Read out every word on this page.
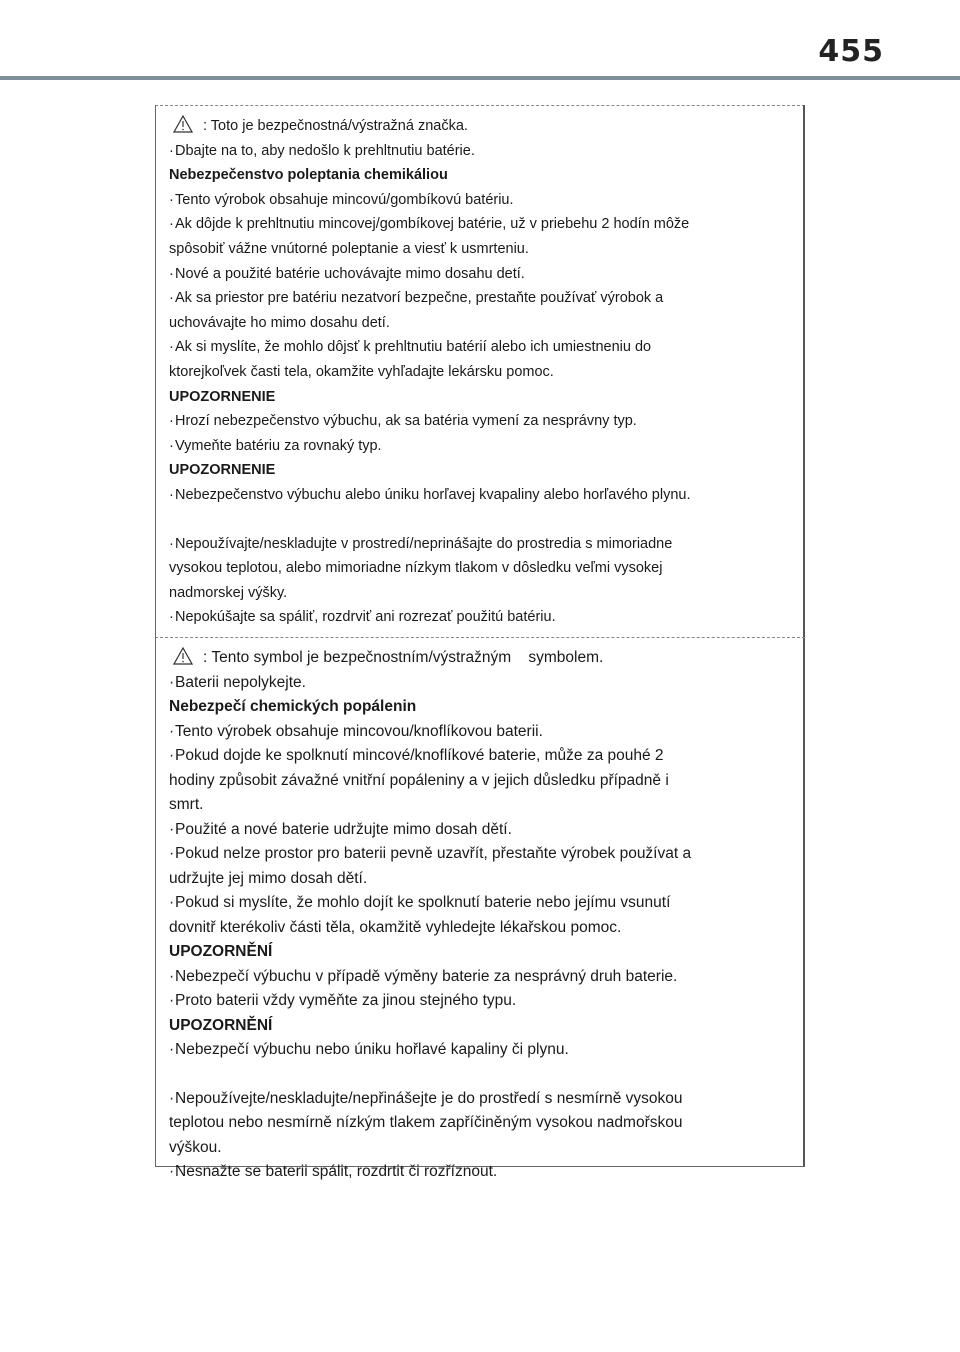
455
: Toto je bezpečnostná/výstražná značka.
·Dbajte na to, aby nedošlo k prehltnutiu batérie.
Nebezpečenstvo poleptania chemikáliou
·Tento výrobok obsahuje mincovú/gombíkovú batériu.
·Ak dôjde k prehltnutiu mincovej/gombíkovej batérie, už v priebehu 2 hodín môže
spôsobiť vážne vnútorné poleptanie a viesť k usmrteniu.
·Nové a použité batérie uchovávajte mimo dosahu detí.
·Ak sa priestor pre batériu nezatvorí bezpečne, prestaňte používať výrobok a
uchovávajte ho mimo dosahu detí.
·Ak si myslíte, že mohlo dôjsť k prehltnutiu batérií alebo ich umiestneniu do
ktorejkoľvek časti tela, okamžite vyhľadajte lekársku pomoc.
UPOZORNENIE
·Hrozí nebezpečenstvo výbuchu, ak sa batéria vymení za nesprávny typ.
·Vymeňte batériu za rovnaký typ.
UPOZORNENIE
·Nebezpečenstvo výbuchu alebo úniku horľavej kvapaliny alebo horľavého plynu.
·Nepoužívajte/neskladujte v prostredí/neprinášajte do prostredia s mimoriadne
vysokou teplotou, alebo mimoriadne nízkym tlakom v dôsledku veľmi vysokej
nadmorskej výšky.
·Nepokúšajte sa spáliť, rozdrviť ani rozrezať použitú batériu.
: Tento symbol je bezpečnostním/výstražným    symbolem.
·Baterii nepolykejte.
Nebezpečí chemických popálenin
·Tento výrobek obsahuje mincovou/knoflíkovou baterii.
·Pokud dojde ke spolknutí mincové/knoflíkové baterie, může za pouhé 2
hodiny způsobit závažné vnitřní popáleniny a v jejich důsledku případně i
smrt.
·Použité a nové baterie udržujte mimo dosah dětí.
·Pokud nelze prostor pro baterii pevně uzavřít, přestaňte výrobek používat a
udržujte jej mimo dosah dětí.
·Pokud si myslíte, že mohlo dojít ke spolknutí baterie nebo jejímu vsunutí
dovnitř kterékoliv části těla, okamžitě vyhledejte lékařskou pomoc.
UPOZORNĚNÍ
·Nebezpečí výbuchu v případě výměny baterie za nesprávný druh baterie.
·Proto baterii vždy vyměňte za jinou stejného typu.
UPOZORNĚNÍ
·Nebezpečí výbuchu nebo úniku hořlavé kapaliny či plynu.
·Nepoužívejte/neskladujte/nepřinášejte je do prostředí s nesmírně vysokou
teplotou nebo nesmírně nízkým tlakem zapříčiněným vysokou nadmořskou
výškou.
·Nesnažte se baterii spálit, rozdrtit či rozříznout.
